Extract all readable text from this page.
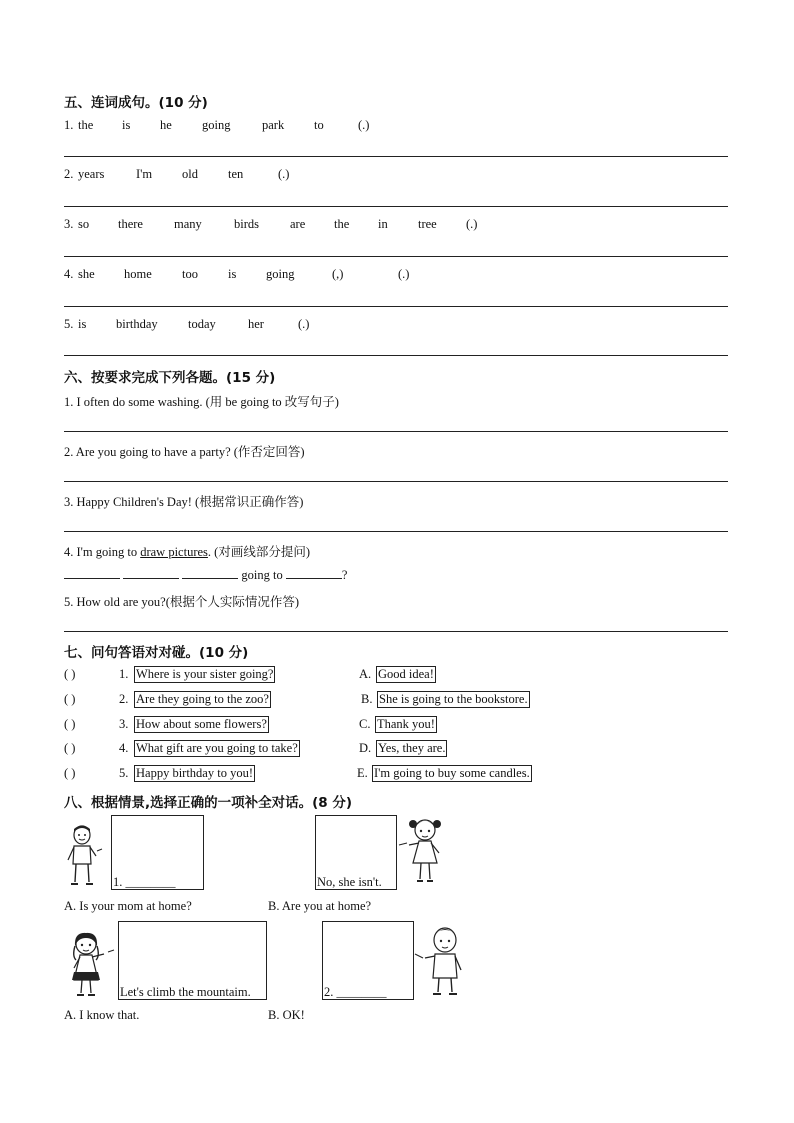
五、连词成句。(10 分)
1. the is he going	park to	(.)
2. years	I'm old ten	(.)
3. so there many	birds are the in tree (.)
4. she home too is going	(,)	(.)
5. is birthday today	her	(.)
六、按要求完成下列各题。(15 分)
1. I often do some washing. (用 be going to 改写句子)
2. Are you going to have a party? (作否定回答)
3. Happy Children's Day! (根据常识正确作答)
4. I'm going to draw pictures. (对画线部分提问)
going to	?
5. How old are you?(根据个人实际情况作答)
七、问句答语对对碰。(10 分)
( )	1. Where is your sister going?	A. Good idea!
( )	2. Are they going to the zoo?	B. She is going to the bookstore.
( )	3. How about some flowers?	C. Thank you!
( )	4. What gift are you going to take?	D. Yes, they are.
( )	5. Happy birthday to you!	E. I'm going to buy some candles.
八、根据情景,选择正确的一项补全对话。(8 分)
1. ________	No, she isn't.
A. Is your mom at home?	B. Are you at home?
Let's climb the mountaim.	2. ________
A. I know that.	B. OK!
